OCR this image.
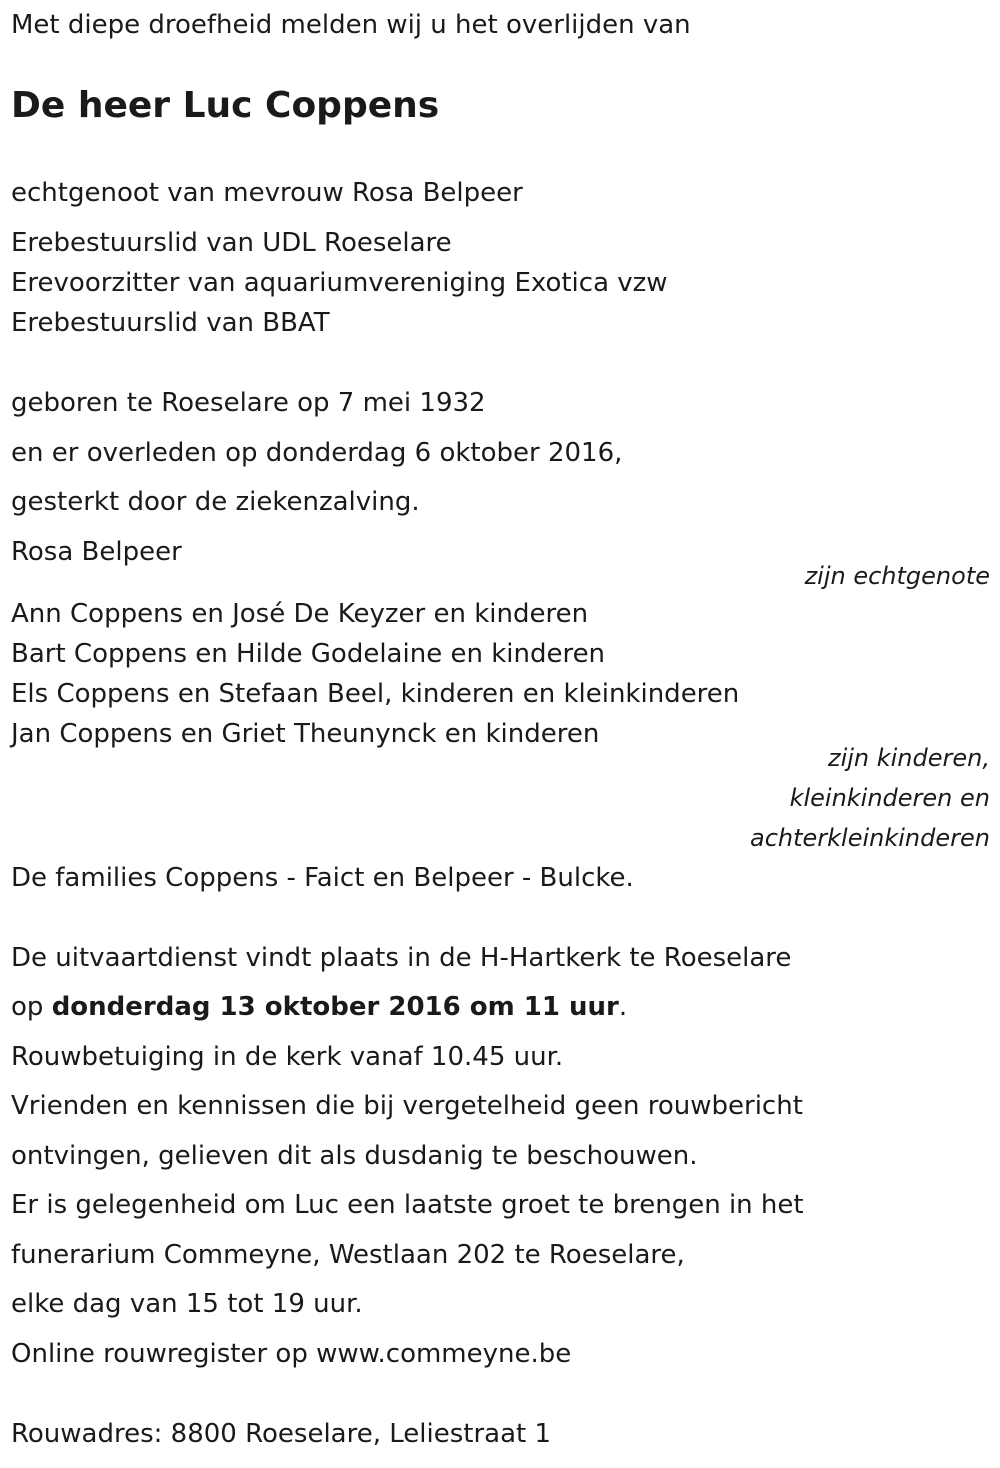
Met diepe droefheid melden wij u het overlijden van
De heer Luc Coppens
echtgenoot van mevrouw Rosa Belpeer
Erebestuurslid van UDL Roeselare
Erevoorzitter van aquariumvereniging Exotica vzw
Erebestuurslid van BBAT
geboren te Roeselare op 7 mei 1932
en er overleden op donderdag 6 oktober 2016,
gesterkt door de ziekenzalving.
Rosa Belpeer
zijn echtgenote
Ann Coppens en José De Keyzer en kinderen
Bart Coppens en Hilde Godelaine en kinderen
Els Coppens en Stefaan Beel, kinderen en kleinkinderen
Jan Coppens en Griet Theunynck en kinderen
zijn kinderen,
kleinkinderen en
achterkleinkinderen
De families Coppens - Faict en Belpeer - Bulcke.
De uitvaartdienst vindt plaats in de H-Hartkerk te Roeselare
op donderdag 13 oktober 2016 om 11 uur.
Rouwbetuiging in de kerk vanaf 10.45 uur.
Vrienden en kennissen die bij vergetelheid geen rouwbericht
ontvingen, gelieven dit als dusdanig te beschouwen.
Er is gelegenheid om Luc een laatste groet te brengen in het
funerarium Commeyne, Westlaan 202 te Roeselare,
elke dag van 15 tot 19 uur.
Online rouwregister op www.commeyne.be
Rouwadres: 8800 Roeselare, Leliestraat 1
